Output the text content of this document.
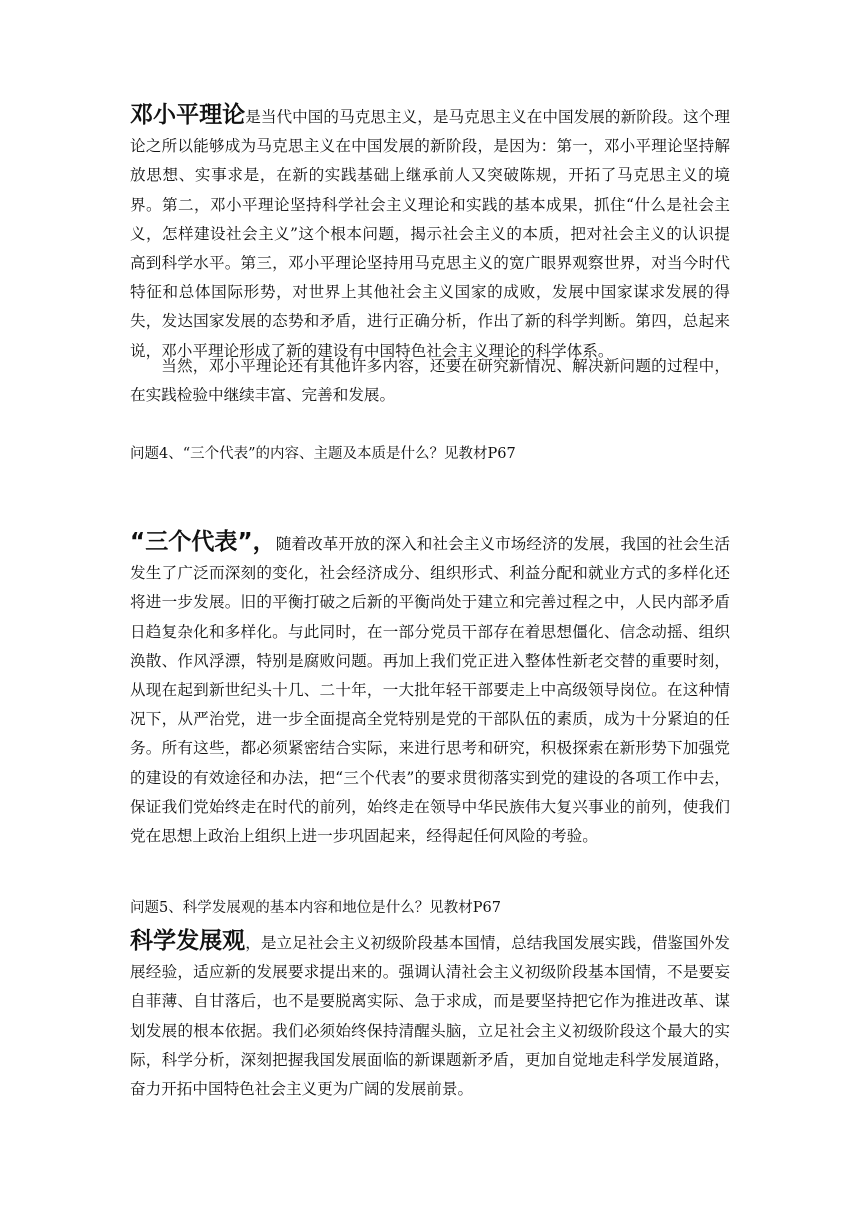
邓小平理论是当代中国的马克思主义，是马克思主义在中国发展的新阶段。这个理论之所以能够成为马克思主义在中国发展的新阶段，是因为：第一，邓小平理论坚持解放思想、实事求是，在新的实践基础上继承前人又突破陈规，开拓了马克思主义的境界。第二，邓小平理论坚持科学社会主义理论和实践的基本成果，抓住“什么是社会主义，怎样建设社会主义”这个根本问题，揭示社会主义的本质，把对社会主义的认识提高到科学水平。第三，邓小平理论坚持用马克思主义的宽广眼界观察世界，对当今时代特征和总体国际形势，对世界上其他社会主义国家的成败，发展中国家谋求发展的得失，发达国家发展的态势和矛盾，进行正确分析，作出了新的科学判断。第四，总起来说，邓小平理论形成了新的建设有中国特色社会主义理论的科学体系。

当然，邓小平理论还有其他许多内容，还要在研究新情况、解决新问题的过程中，在实践检验中继续丰富、完善和发展。

问题4、“三个代表”的内容、主题及本质是什么？见教材P67

“三个代表”，随着改革开放的深入和社会主义市场经济的发展，我国的社会生活发生了广泛而深刻的变化，社会经济成分、组织形式、利益分配和就业方式的多样化还将进一步发展。旧的平衡打破之后新的平衡尚处于建立和完善过程之中，人民内部矛盾日趋复杂化和多样化。与此同时，在一部分党员干部存在着思想僵化、信念动摇、组织涣散、作风浮漂，特别是腐败问题。再加上我们党正进入整体性新老交替的重要时刻，从现在起到新世纪头十几、二十年，一大批年轻干部要走上中高级领导岗位。在这种情况下，从严治党，进一步全面提高全党特别是党的干部队伍的素质，成为十分紧迫的任务。所有这些，都必须紧密结合实际，来进行思考和研究，积极探索在新形势下加强党的建设的有效途径和办法，把“三个代表”的要求贯彻落实到党的建设的各项工作中去，保证我们党始终走在时代的前列，始终走在领导中华民族伟大复兴事业的前列，使我们党在思想上政治上组织上进一步巩固起来，经得起任何风险的考验。

问题5、科学发展观的基本内容和地位是什么？见教材P67

科学发展观，是立足社会主义初级阶段基本国情，总结我国发展实践，借鉴国外发展经验，适应新的发展要求提出来的。强调认清社会主义初级阶段基本国情，不是要妄自菲薄、自甘落后，也不是要脱离实际、急于求成，而是要坚持把它作为推进改革、谋划发展的根本依据。我们必须始终保持清醒头脑，立足社会主义初级阶段这个最大的实际，科学分析，深刻把握我国发展面临的新课题新矛盾，更加自觉地走科学发展道路，奋力开拓中国特色社会主义更为广阔的发展前景。
